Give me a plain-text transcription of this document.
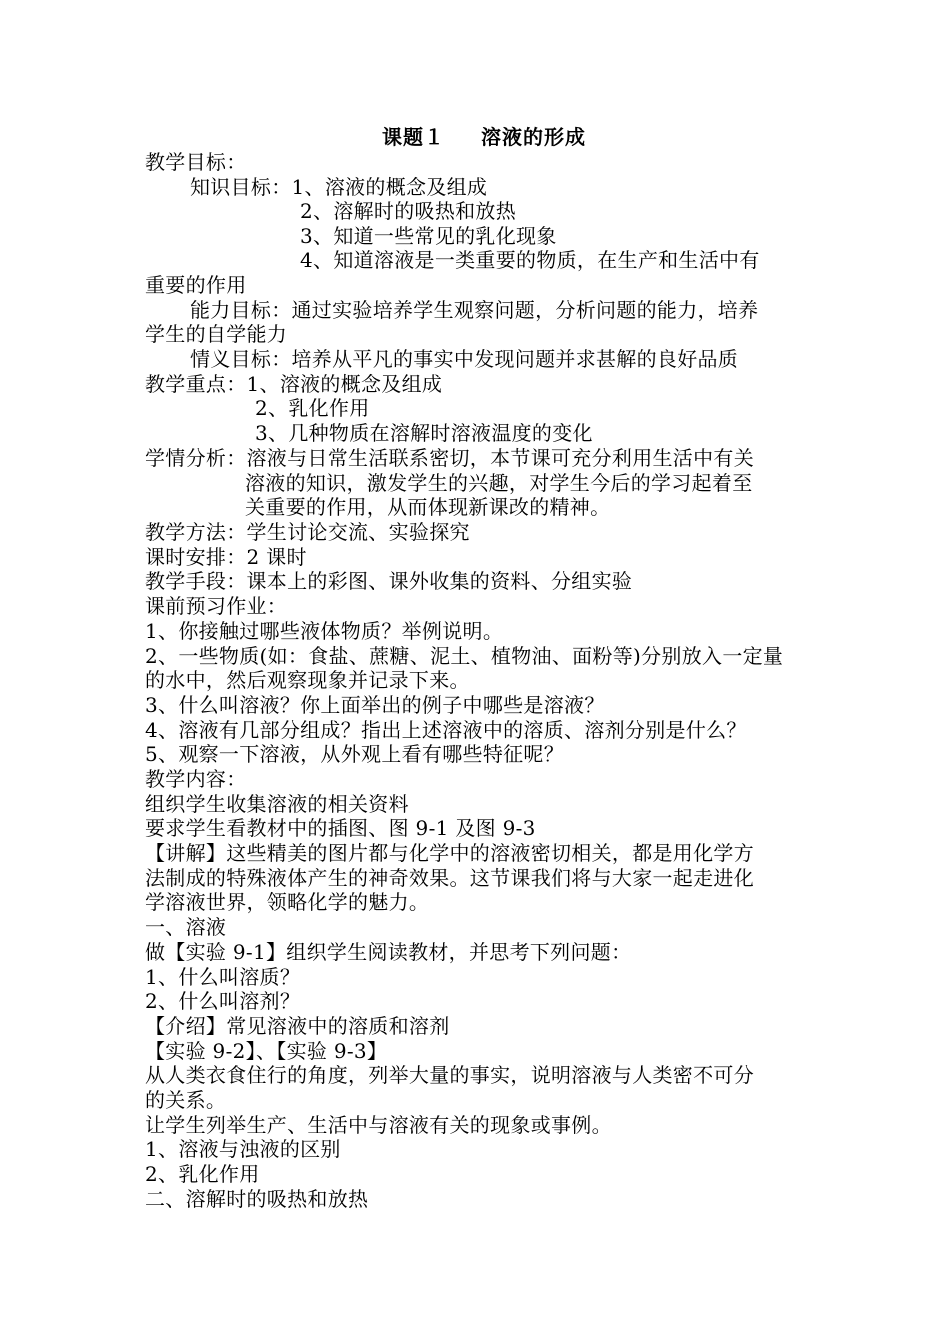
课题１ 溶液的形成
教学目标：
知识目标：1、溶液的概念及组成
2、溶解时的吸热和放热
3、知道一些常见的乳化现象
4、知道溶液是一类重要的物质，在生产和生活中有
重要的作用
能力目标：通过实验培养学生观察问题，分析问题的能力，培养
学生的自学能力
情义目标：培养从平凡的事实中发现问题并求甚解的良好品质
教学重点：1、溶液的概念及组成
2、乳化作用
3、几种物质在溶解时溶液温度的变化
学情分析：溶液与日常生活联系密切，本节课可充分利用生活中有关
溶液的知识，激发学生的兴趣，对学生今后的学习起着至
关重要的作用，从而体现新课改的精神。
教学方法：学生讨论交流、实验探究
课时安排：2 课时
教学手段：课本上的彩图、课外收集的资料、分组实验
课前预习作业：
1、你接触过哪些液体物质？举例说明。
2、一些物质(如：食盐、蔗糖、泥土、植物油、面粉等)分别放入一定量
的水中，然后观察现象并记录下来。
3、什么叫溶液？你上面举出的例子中哪些是溶液？
4、溶液有几部分组成？指出上述溶液中的溶质、溶剂分别是什么？
5、观察一下溶液，从外观上看有哪些特征呢？
教学内容：
组织学生收集溶液的相关资料
要求学生看教材中的插图、图 9-1 及图 9-3
【讲解】这些精美的图片都与化学中的溶液密切相关，都是用化学方
法制成的特殊液体产生的神奇效果。这节课我们将与大家一起走进化
学溶液世界，领略化学的魅力。
一、溶液
做【实验 9-1】组织学生阅读教材，并思考下列问题：
1、什么叫溶质？
2、什么叫溶剂？
【介绍】常见溶液中的溶质和溶剂
【实验 9-2】、【实验 9-3】
从人类衣食住行的角度，列举大量的事实，说明溶液与人类密不可分
的关系。
让学生列举生产、生活中与溶液有关的现象或事例。
1、溶液与浊液的区别
2、乳化作用
二、溶解时的吸热和放热
